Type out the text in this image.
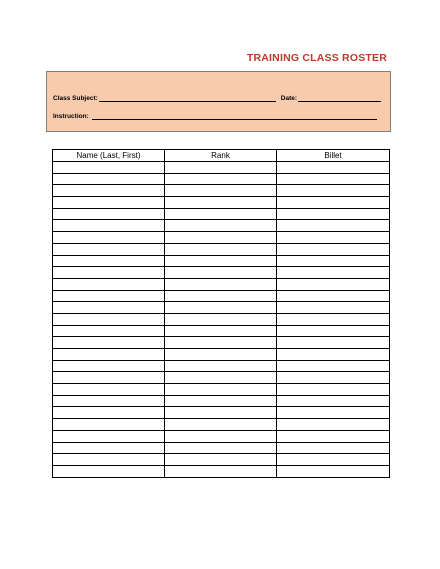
TRAINING CLASS ROSTER
Class Subject:	Date:
Instruction:
Name (Last, First)	Rank	Billet
